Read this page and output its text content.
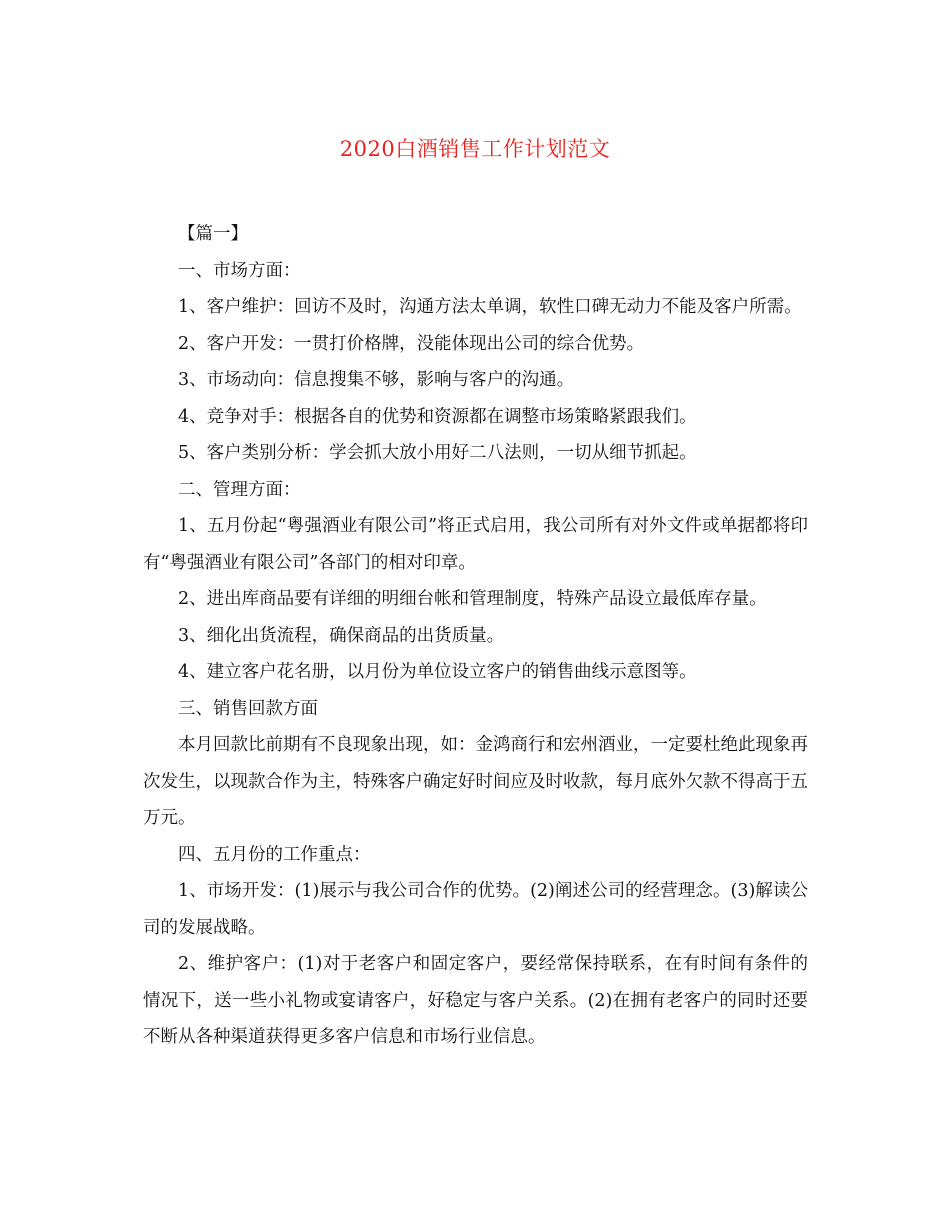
2020白酒销售工作计划范文

【篇一】

一、市场方面：

1、客户维护：回访不及时，沟通方法太单调，软性口碑无动力不能及客户所需。

2、客户开发：一贯打价格牌，没能体现出公司的综合优势。

3、市场动向：信息搜集不够，影响与客户的沟通。

4、竞争对手：根据各自的优势和资源都在调整市场策略紧跟我们。

5、客户类别分析：学会抓大放小用好二八法则，一切从细节抓起。

二、管理方面：

1、五月份起“粤强酒业有限公司”将正式启用，我公司所有对外文件或单据都将印有“粤强酒业有限公司”各部门的相对印章。

2、进出库商品要有详细的明细台帐和管理制度，特殊产品设立最低库存量。

3、细化出货流程，确保商品的出货质量。

4、建立客户花名册，以月份为单位设立客户的销售曲线示意图等。

三、销售回款方面

本月回款比前期有不良现象出现，如：金鸿商行和宏州酒业，一定要杜绝此现象再次发生，以现款合作为主，特殊客户确定好时间应及时收款，每月底外欠款不得高于五万元。

四、五月份的工作重点：

1、市场开发：(1)展示与我公司合作的优势。(2)阐述公司的经营理念。(3)解读公司的发展战略。

2、维护客户：(1)对于老客户和固定客户，要经常保持联系，在有时间有条件的情况下，送一些小礼物或宴请客户，好稳定与客户关系。(2)在拥有老客户的同时还要不断从各种渠道获得更多客户信息和市场行业信息。
